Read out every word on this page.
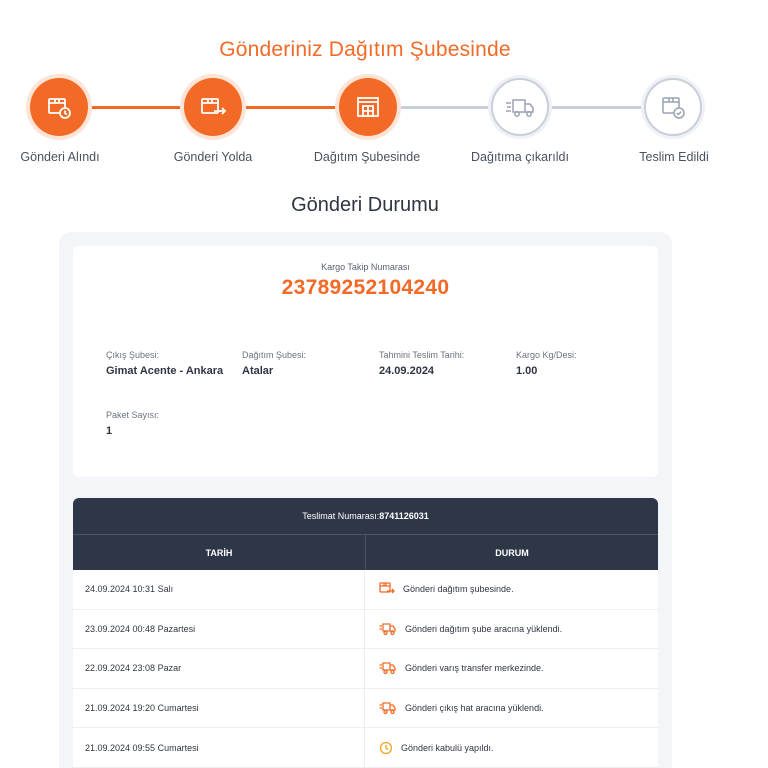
Gönderiniz Dağıtım Şubesinde
Gönderi Alındı	Gönderi Yolda	Dağıtım Şubesinde	Dağıtıma çıkarıldı	Teslim Edildi
Gönderi Durumu
Kargo Takip Numarası
23789252104240
Çıkış Şubesi:
Gimat Acente - Ankara
Dağıtım Şubesi:
Atalar
Tahmini Teslim Tarihi:
24.09.2024
Kargo Kg/Desi:
1.00
Paket Sayısı:
1
Teslimat Numarası:8741126031
TARİH	DURUM
24.09.2024 10:31 Salı	Gönderi dağıtım şubesinde.
23.09.2024 00:48 Pazartesi	Gönderi dağıtım şube aracına yüklendi.
22.09.2024 23:08 Pazar	Gönderi varış transfer merkezinde.
21.09.2024 19:20 Cumartesi	Gönderi çıkış hat aracına yüklendi.
21.09.2024 09:55 Cumartesi	Gönderi kabulü yapıldı.
